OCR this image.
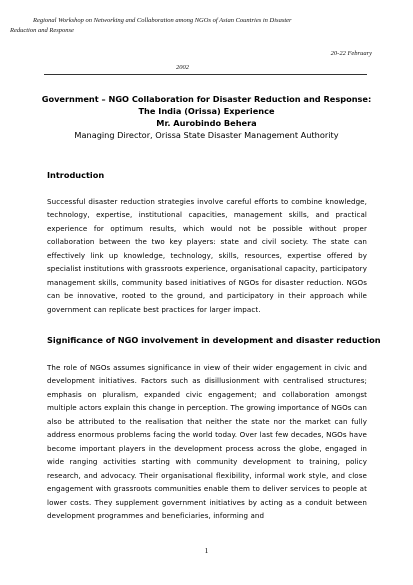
Regional Workshop on Networking and Collaboration among NGOs of Asian Countries in Disaster
Reduction and Response
20-22 February
2002
Government – NGO Collaboration for Disaster Reduction and Response:
The India (Orissa) Experience
Mr. Aurobindo Behera
Managing Director, Orissa State Disaster Management Authority
Introduction
Successful disaster reduction strategies involve careful efforts to combine knowledge, technology, expertise, institutional capacities, management skills, and practical experience for optimum results, which would not be possible without proper collaboration between the two key players: state and civil society. The state can effectively link up knowledge, technology, skills, resources, expertise offered by specialist institutions with grassroots experience, organisational capacity, participatory management skills, community based initiatives of NGOs for disaster reduction. NGOs can be innovative, rooted to the ground, and participatory in their approach while government can replicate best practices for larger impact.
Significance of NGO involvement in development and disaster reduction
The role of NGOs assumes significance in view of their wider engagement in civic and development initiatives. Factors such as disillusionment with centralised structures; emphasis on pluralism, expanded civic engagement; and collaboration amongst multiple actors explain this change in perception. The growing importance of NGOs can also be attributed to the realisation that neither the state nor the market can fully address enormous problems facing the world today. Over last few decades, NGOs have become important players in the development process across the globe, engaged in wide ranging activities starting with community development to training, policy research, and advocacy. Their organisational flexibility, informal work style, and close engagement with grassroots communities enable them to deliver services to people at lower costs. They supplement government initiatives by acting as a conduit between development programmes and beneficiaries, informing and
1
